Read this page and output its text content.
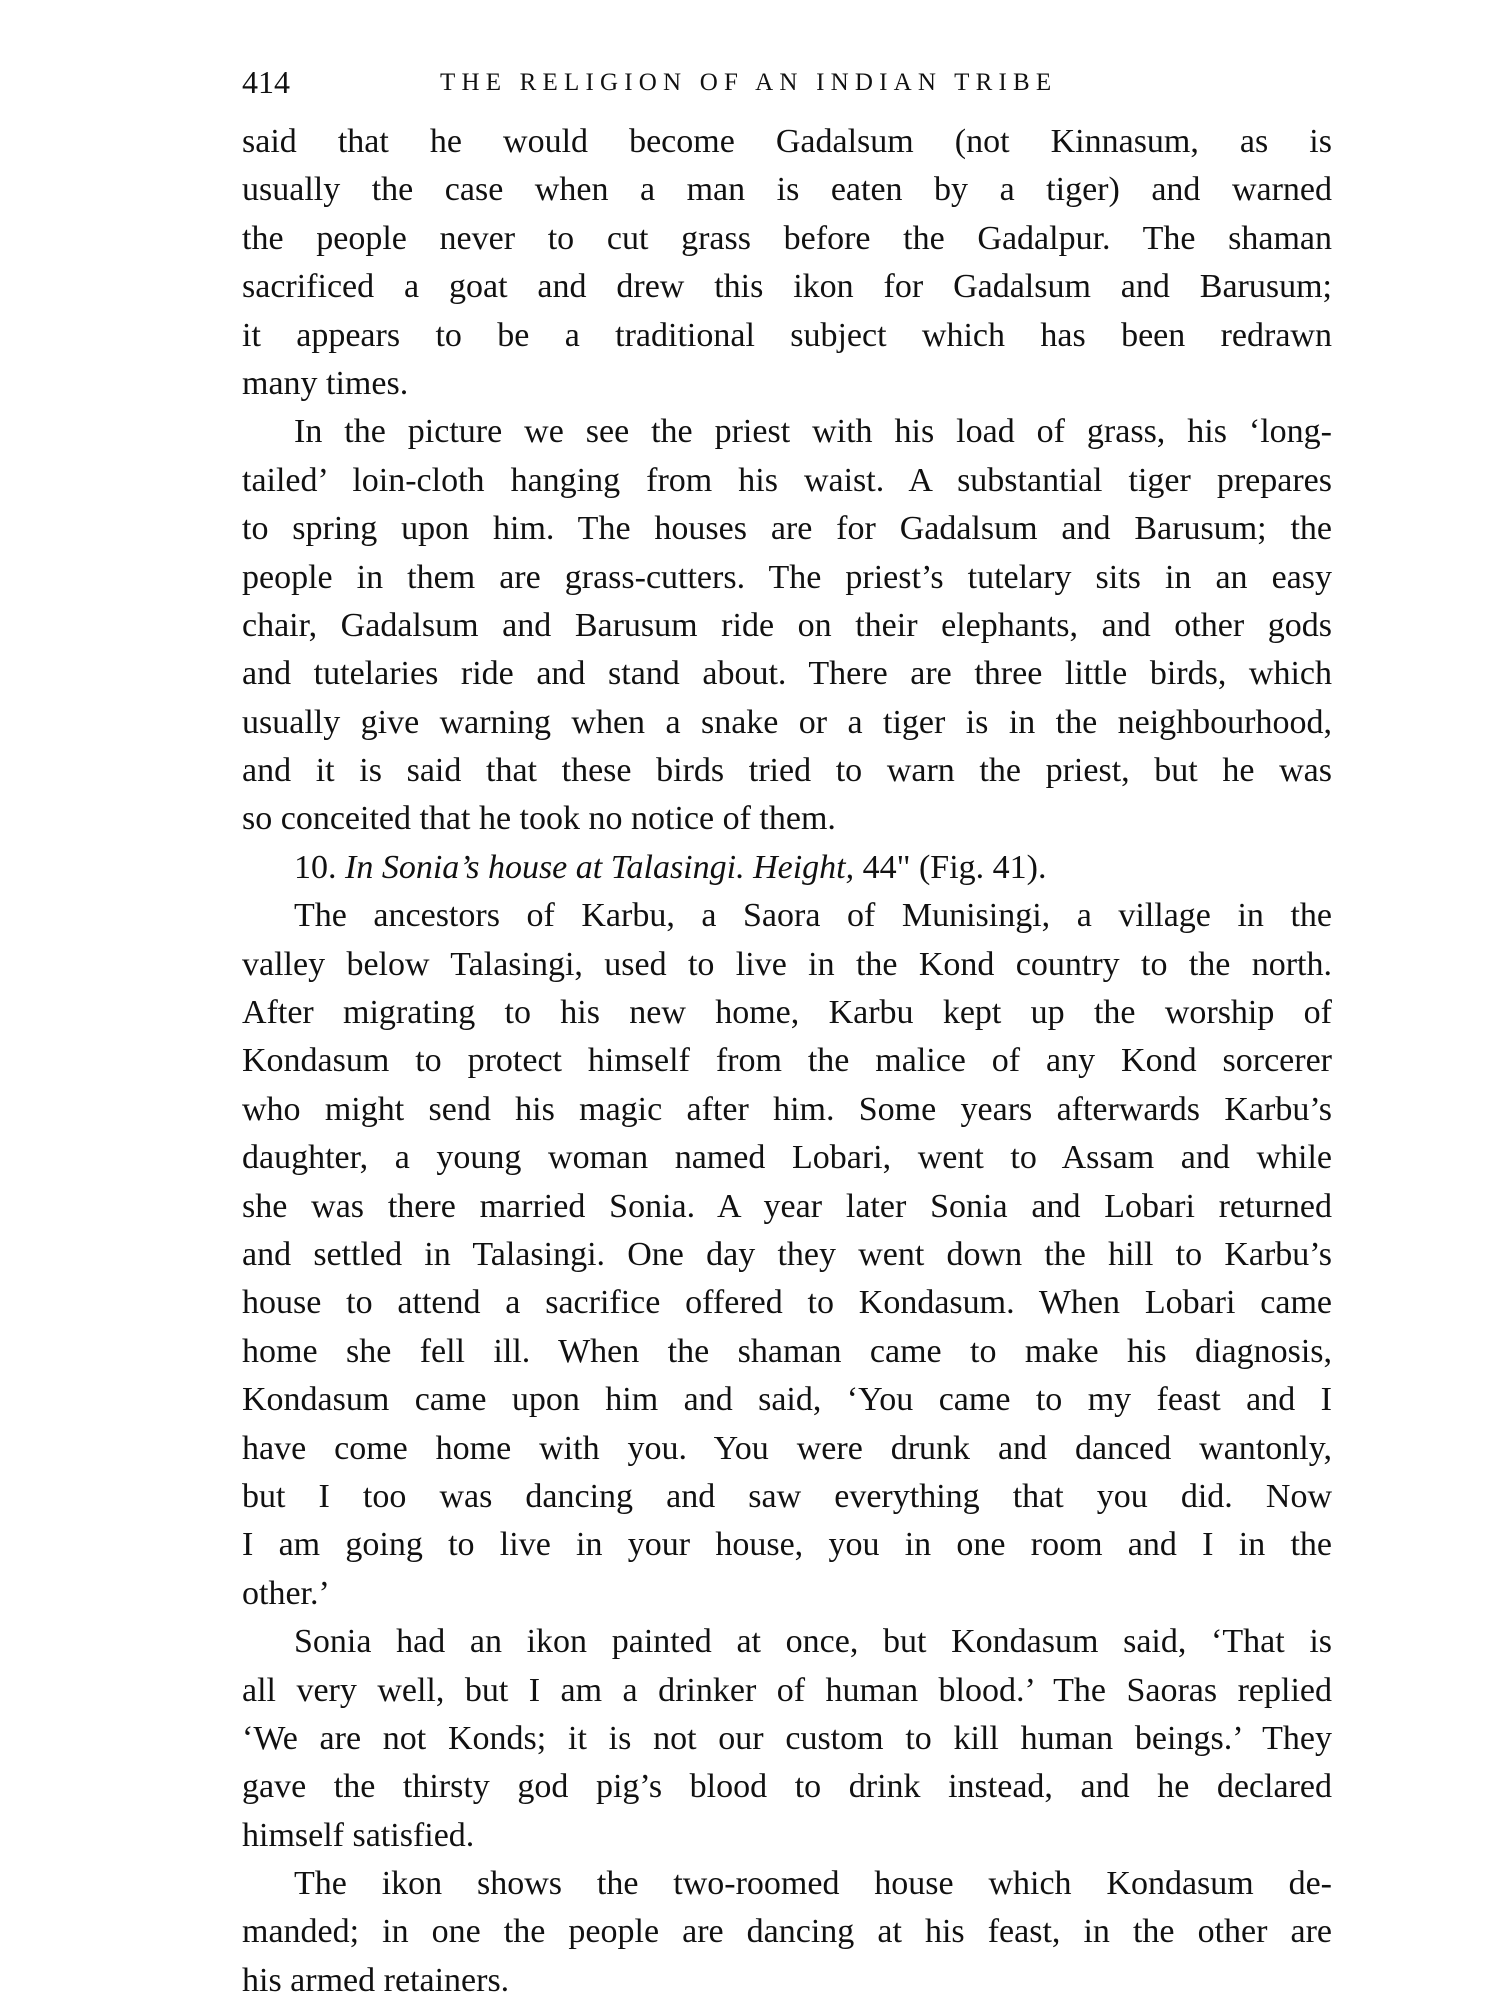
414	THE RELIGION OF AN INDIAN TRIBE
said that he would become Gadalsum (not Kinnasum, as is
usually the case when a man is eaten by a tiger) and warned
the people never to cut grass before the Gadalpur. The shaman
sacrificed a goat and drew this ikon for Gadalsum and Barusum;
it appears to be a traditional subject which has been redrawn
many times.
In the picture we see the priest with his load of grass, his ‘long-
tailed’ loin-cloth hanging from his waist. A substantial tiger prepares
to spring upon him. The houses are for Gadalsum and Barusum; the
people in them are grass-cutters. The priest’s tutelary sits in an easy
chair, Gadalsum and Barusum ride on their elephants, and other gods
and tutelaries ride and stand about. There are three little birds, which
usually give warning when a snake or a tiger is in the neighbourhood,
and it is said that these birds tried to warn the priest, but he was
so conceited that he took no notice of them.
10. In Sonia’s house at Talasingi. Height, 44" (Fig. 41).
The ancestors of Karbu, a Saora of Munisingi, a village in the
valley below Talasingi, used to live in the Kond country to the north.
After migrating to his new home, Karbu kept up the worship of
Kondasum to protect himself from the malice of any Kond sorcerer
who might send his magic after him. Some years afterwards Karbu’s
daughter, a young woman named Lobari, went to Assam and while
she was there married Sonia. A year later Sonia and Lobari returned
and settled in Talasingi. One day they went down the hill to Karbu’s
house to attend a sacrifice offered to Kondasum. When Lobari came
home she fell ill. When the shaman came to make his diagnosis,
Kondasum came upon him and said, ‘You came to my feast and I
have come home with you. You were drunk and danced wantonly,
but I too was dancing and saw everything that you did. Now
I am going to live in your house, you in one room and I in the
other.’
Sonia had an ikon painted at once, but Kondasum said, ‘That is
all very well, but I am a drinker of human blood.’ The Saoras replied
‘We are not Konds; it is not our custom to kill human beings.’ They
gave the thirsty god pig’s blood to drink instead, and he declared
himself satisfied.
The ikon shows the two-roomed house which Kondasum de-
manded; in one the people are dancing at his feast, in the other are
his armed retainers.
